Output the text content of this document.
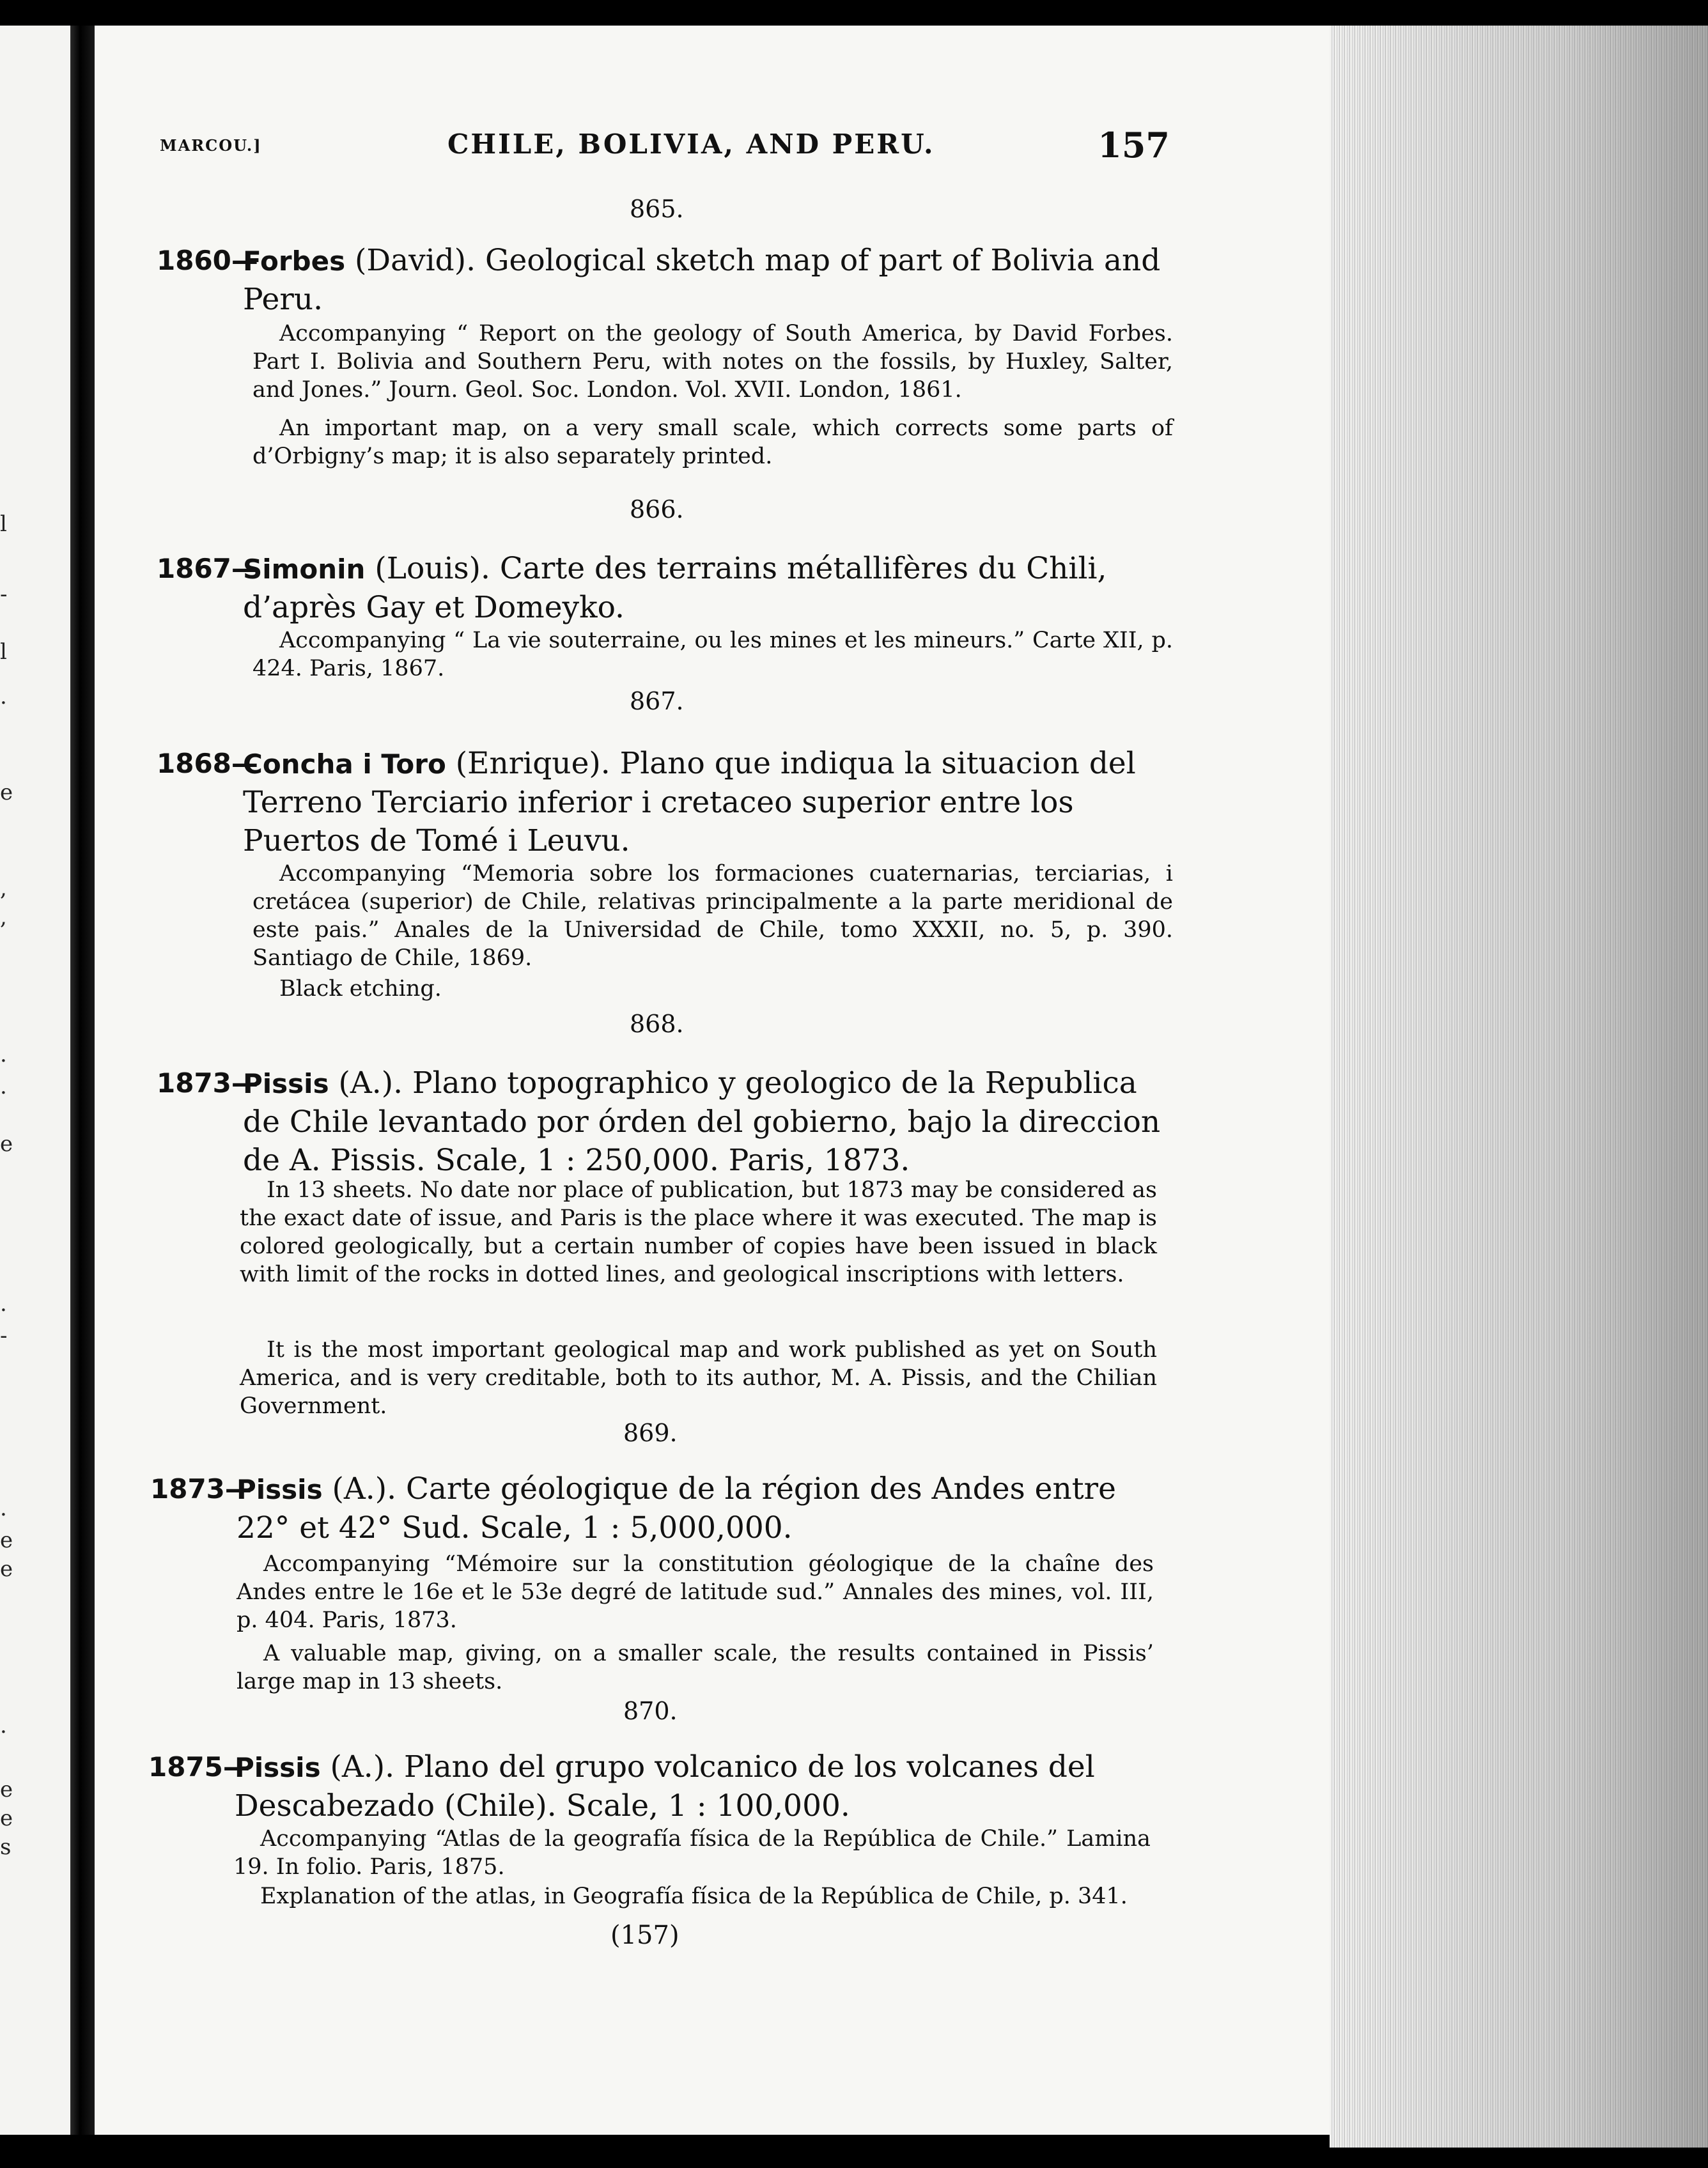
l
-
l
.
e
,
,
.
.
e
.
-
.
e
e
.
e
e
s
MARCOU.]	CHILE, BOLIVIA, AND PERU.	157
865.
1860—
Forbes (David). Geological sketch map of part of Bolivia and Peru.
Accompanying “ Report on the geology of South America, by David Forbes. Part I. Bolivia and Southern Peru, with notes on the fossils, by Huxley, Salter, and Jones.” Journ. Geol. Soc. London. Vol. XVII. London, 1861.
An important map, on a very small scale, which corrects some parts of d’Orbigny’s map; it is also separately printed.
866.
1867—
Simonin (Louis). Carte des terrains métallifères du Chili, d’après Gay et Domeyko.
Accompanying “ La vie souterraine, ou les mines et les mineurs.” Carte XII, p. 424. Paris, 1867.
867.
1868—
Concha i Toro (Enrique). Plano que indiqua la situacion del Terreno Terciario inferior i cretaceo superior entre los Puertos de Tomé i Leuvu.
Accompanying “Memoria sobre los formaciones cuaternarias, terciarias, i cretácea (superior) de Chile, relativas principalmente a la parte meridional de este pais.” Anales de la Universidad de Chile, tomo XXXII, no. 5, p. 390. Santiago de Chile, 1869.
Black etching.
868.
1873—
Pissis (A.). Plano topographico y geologico de la Republica de Chile levantado por órden del gobierno, bajo la direccion de A. Pissis. Scale, 1 : 250,000. Paris, 1873.
In 13 sheets. No date nor place of publication, but 1873 may be considered as the exact date of issue, and Paris is the place where it was executed. The map is colored geologically, but a certain number of copies have been issued in black with limit of the rocks in dotted lines, and geological inscriptions with letters.
It is the most important geological map and work published as yet on South America, and is very creditable, both to its author, M. A. Pissis, and the Chilian Government.
869.
1873—
Pissis (A.). Carte géologique de la région des Andes entre 22° et 42° Sud. Scale, 1 : 5,000,000.
Accompanying “Mémoire sur la constitution géologique de la chaîne des Andes entre le 16e et le 53e degré de latitude sud.” Annales des mines, vol. III, p. 404. Paris, 1873.
A valuable map, giving, on a smaller scale, the results contained in Pissis’ large map in 13 sheets.
870.
1875—
Pissis (A.). Plano del grupo volcanico de los volcanes del Descabezado (Chile). Scale, 1 : 100,000.
Accompanying “Atlas de la geografía física de la República de Chile.” Lamina 19. In folio. Paris, 1875.
Explanation of the atlas, in Geografía física de la República de Chile, p. 341.
(157)
